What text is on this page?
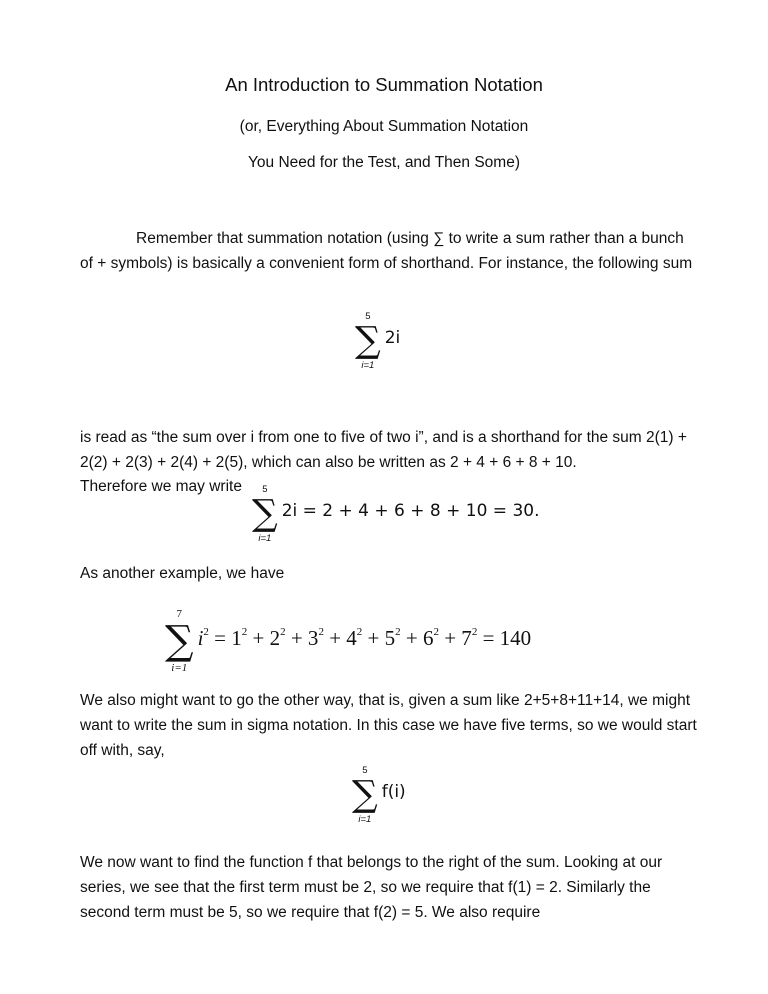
An Introduction to Summation Notation
(or, Everything About Summation Notation
You Need for the Test, and Then Some)
Remember that summation notation (using ∑ to write a sum rather than a bunch of + symbols) is basically a convenient form of shorthand. For instance, the following sum
5
∑
i=1
2i
is read as “the sum over i from one to five of two i”, and is a shorthand for the sum 2(1) + 2(2) + 2(3) + 2(4) + 2(5), which can also be written as 2 + 4 + 6 + 8 + 10.
Therefore we may write	5
∑
i=1
2i = 2 + 4 + 6 + 8 + 10 = 30.
As another example, we have
7
∑
i=1
$i^2 = 1^2 + 2^2 + 3^2 + 4^2 + 5^2 + 6^2 + 7^2 = 140$
We also might want to go the other way, that is, given a sum like 2+5+8+11+14, we might want to write the sum in sigma notation. In this case we have five terms, so we would start off with, say,
5
∑
i=1
f(i)
We now want to find the function f that belongs to the right of the sum. Looking at our series, we see that the first term must be 2, so we require that f(1) = 2. Similarly the second term must be 5, so we require that f(2) = 5. We also require
